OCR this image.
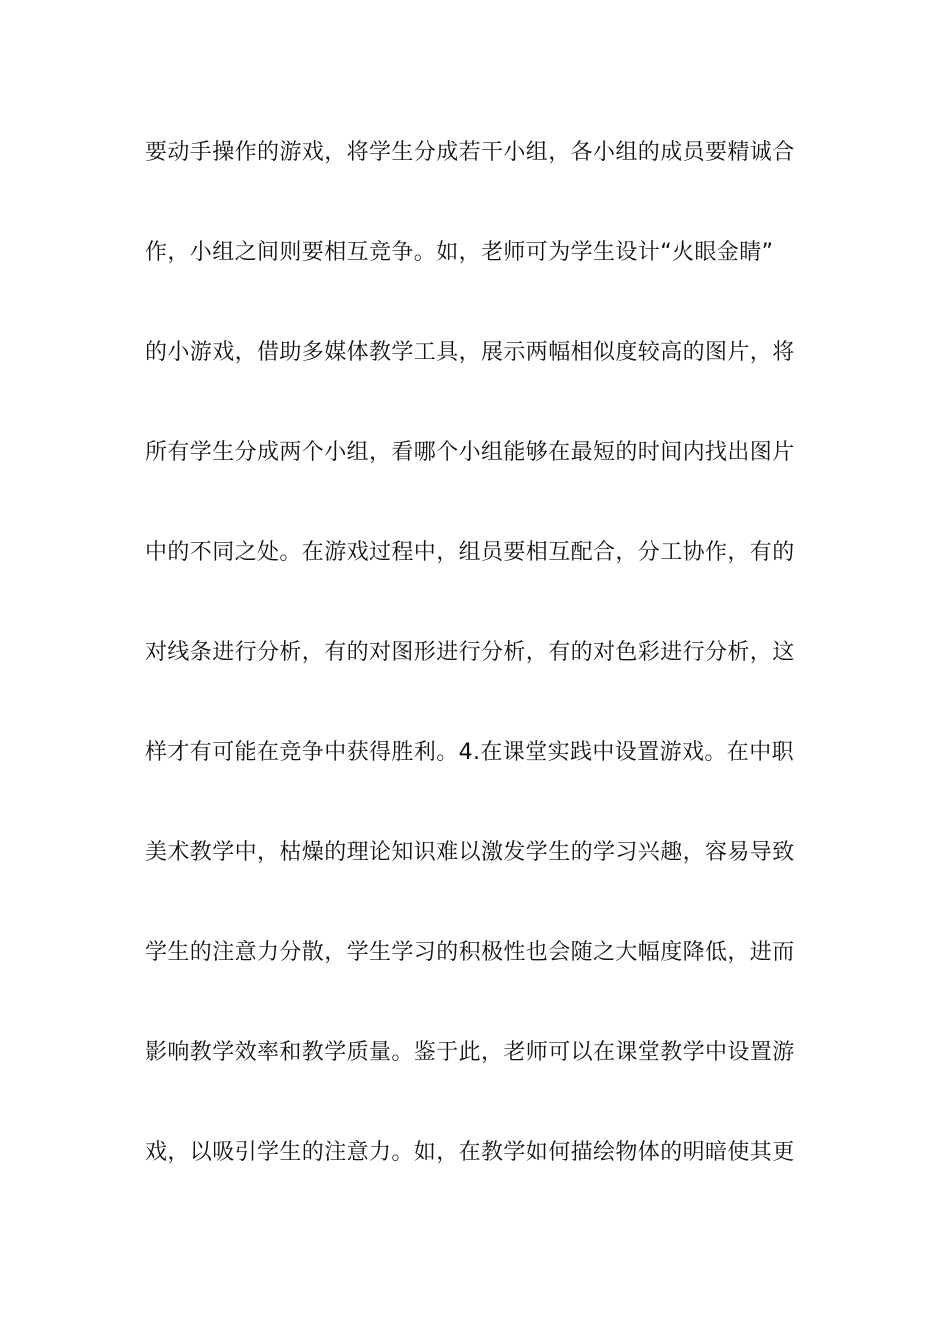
要动手操作的游戏，将学生分成若干小组，各小组的成员要精诚合
作，小组之间则要相互竞争。如，老师可为学生设计“火眼金睛”
的小游戏，借助多媒体教学工具，展示两幅相似度较高的图片，将
所有学生分成两个小组，看哪个小组能够在最短的时间内找出图片
中的不同之处。在游戏过程中，组员要相互配合，分工协作，有的
对线条进行分析，有的对图形进行分析，有的对色彩进行分析，这
样才有可能在竞争中获得胜利。4.在课堂实践中设置游戏。在中职
美术教学中，枯燥的理论知识难以激发学生的学习兴趣，容易导致
学生的注意力分散，学生学习的积极性也会随之大幅度降低，进而
影响教学效率和教学质量。鉴于此，老师可以在课堂教学中设置游
戏，以吸引学生的注意力。如，在教学如何描绘物体的明暗使其更
